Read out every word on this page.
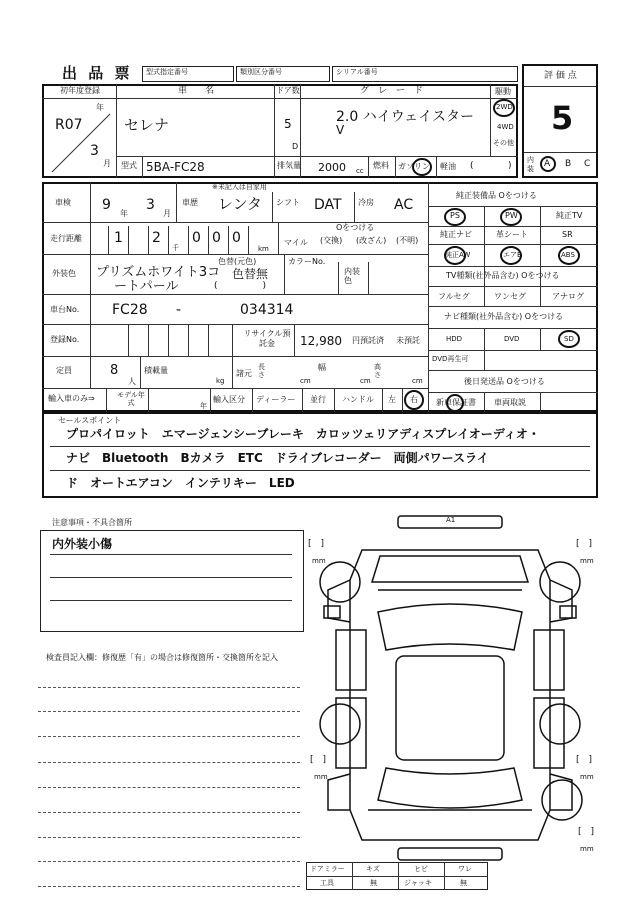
出 品 票 型式指定番号	類別区分番号	シリアル番号	評 価 点
5
内装	A B C
初年度登録
年
R07
3
月
車　　名
セレナ
ドア数
5
D
グ　レ　ー　ド
2.0 ハイウェイスター
V
駆動
2WD
4WD
その他
型式 5BA-FC28	排気量 2000 cc
燃料 ガソリン 軽油 (	)
車検 9
年
3
月
※未記入は自家用
車歴 レンタ シフト DAT 冷房 AC
走行距離 1 2
千
0 0 0
km
Oをつける
マイル (交換) (改ざん) (不明)
外装色
色替(元色)
プリズムホワイト3コ
ートパール
色替無
(　　　　　)
カラーNo.
内装色
車台No. FC28 -	034314
登録No.
リサイクル預託金	12,980 円預託済 未預託
定員	8
人
積載量
kg
諸元
長さ
cm
幅
cm
高さ
cm
輸入車のみ⇒	モデル年式	年
輸入区分 ディーラー 並行 ハンドル 左 右
純正装備品 Oをつける
PS	PW	純正TV
純正ナビ	革シート	SR
純正AW	エアB	ABS
TV種類(社外品含む) Oをつける
フルセグ	ワンセグ	アナログ
ナビ種類(社外品含む) Oをつける
HDD	DVD	SD
DVD再生可
後日発送品 Oをつける
新車保証書 車両取説
セールスポイント
プロパイロット　エマージェンシーブレーキ　カロッツェリアディスプレイオーディオ・
ナビ　Bluetooth　Bカメラ　ETC　ドライブレコーダー　両側パワースライ
ド　オートエアコン　インテリキー　LED
注意事項・不具合箇所
内外装小傷
検査員記入欄：修復歴「有」の場合は修復箇所・交換箇所を記入
A1
[　]
mm
[　]
mm
[　]
mm
[　]
mm
[　]
mm
ドアミラー	キズ	ヒビ	ワレ
工具	無	ジャッキ	無
